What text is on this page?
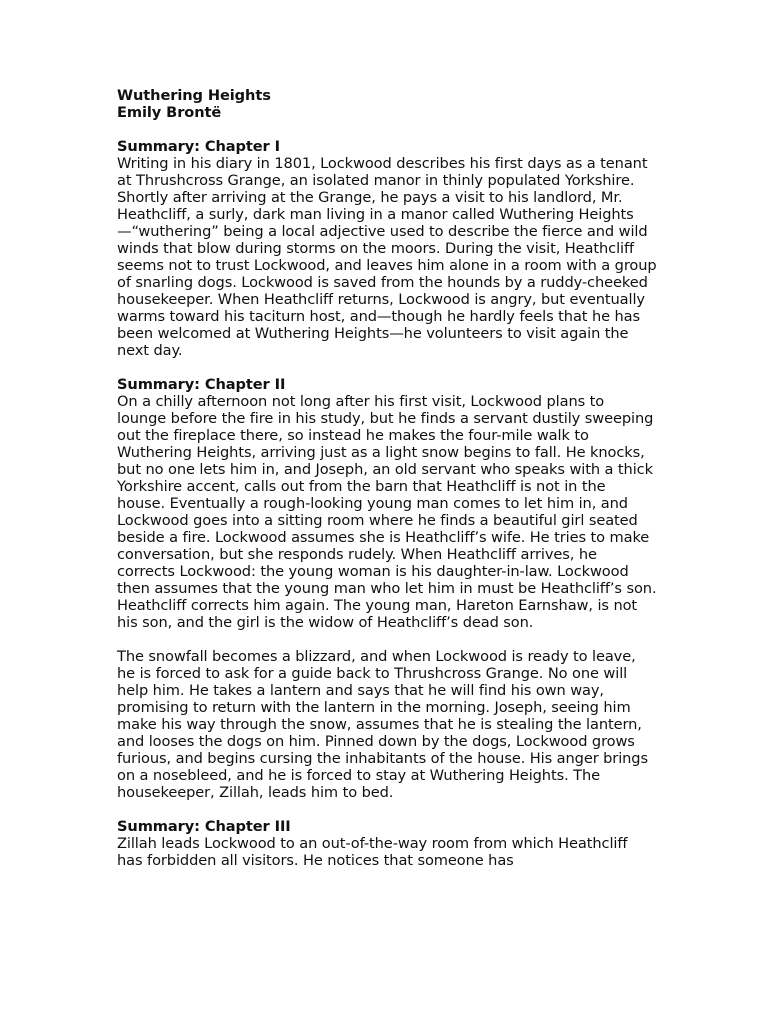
Wuthering Heights

Emily Brontë

Summary: Chapter I

Writing in his diary in 1801, Lockwood describes his first days as a tenant at Thrushcross Grange, an isolated manor in thinly populated Yorkshire. Shortly after arriving at the Grange, he pays a visit to his landlord, Mr. Heathcliff, a surly, dark man living in a manor called Wuthering Heights—“wuthering” being a local adjective used to describe the fierce and wild winds that blow during storms on the moors. During the visit, Heathcliff seems not to trust Lockwood, and leaves him alone in a room with a group of snarling dogs. Lockwood is saved from the hounds by a ruddy-cheeked housekeeper. When Heathcliff returns, Lockwood is angry, but eventually warms toward his taciturn host, and—though he hardly feels that he has been welcomed at Wuthering Heights—he volunteers to visit again the next day.

Summary: Chapter II

On a chilly afternoon not long after his first visit, Lockwood plans to lounge before the fire in his study, but he finds a servant dustily sweeping out the fireplace there, so instead he makes the four-mile walk to Wuthering Heights, arriving just as a light snow begins to fall. He knocks, but no one lets him in, and Joseph, an old servant who speaks with a thick Yorkshire accent, calls out from the barn that Heathcliff is not in the house. Eventually a rough-looking young man comes to let him in, and Lockwood goes into a sitting room where he finds a beautiful girl seated beside a fire. Lockwood assumes she is Heathcliff’s wife. He tries to make conversation, but she responds rudely. When Heathcliff arrives, he corrects Lockwood: the young woman is his daughter-in-law. Lockwood then assumes that the young man who let him in must be Heathcliff’s son. Heathcliff corrects him again. The young man, Hareton Earnshaw, is not his son, and the girl is the widow of Heathcliff’s dead son.

The snowfall becomes a blizzard, and when Lockwood is ready to leave, he is forced to ask for a guide back to Thrushcross Grange. No one will help him. He takes a lantern and says that he will find his own way, promising to return with the lantern in the morning. Joseph, seeing him make his way through the snow, assumes that he is stealing the lantern, and looses the dogs on him. Pinned down by the dogs, Lockwood grows furious, and begins cursing the inhabitants of the house. His anger brings on a nosebleed, and he is forced to stay at Wuthering Heights. The housekeeper, Zillah, leads him to bed.

Summary: Chapter III

Zillah leads Lockwood to an out-of-the-way room from which Heathcliff has forbidden all visitors. He notices that someone has
